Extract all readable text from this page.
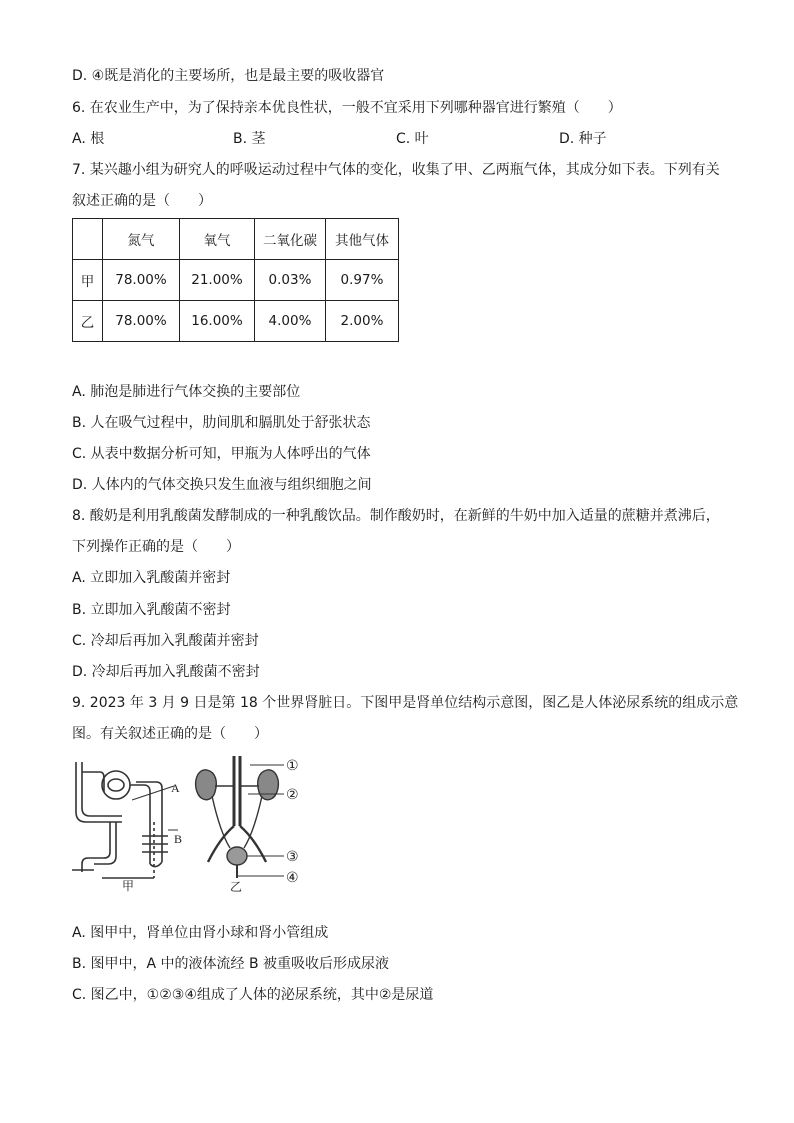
D. ④既是消化的主要场所，也是最主要的吸收器官
6. 在农业生产中，为了保持亲本优良性状，一般不宜采用下列哪种器官进行繁殖（　　）
A. 根	B. 茎	C. 叶	D. 种子
7. 某兴趣小组为研究人的呼吸运动过程中气体的变化，收集了甲、乙两瓶气体，其成分如下表。下列有关
叙述正确的是（　　）
	氮气	氧气	二氧化碳	其他气体
甲	78.00%	21.00%	0.03%	0.97%
乙	78.00%	16.00%	4.00%	2.00%
A. 肺泡是肺进行气体交换的主要部位
B. 人在吸气过程中，肋间肌和膈肌处于舒张状态
C. 从表中数据分析可知，甲瓶为人体呼出的气体
D. 人体内的气体交换只发生血液与组织细胞之间
8. 酸奶是利用乳酸菌发酵制成的一种乳酸饮品。制作酸奶时，在新鲜的牛奶中加入适量的蔗糖并煮沸后，
下列操作正确的是（　　）
A. 立即加入乳酸菌并密封
B. 立即加入乳酸菌不密封
C. 冷却后再加入乳酸菌并密封
D. 冷却后再加入乳酸菌不密封
9. 2023 年 3 月 9 日是第 18 个世界肾脏日。下图甲是肾单位结构示意图，图乙是人体泌尿系统的组成示意
图。有关叙述正确的是（　　）
A
B
甲
①
②
③
④
乙
A. 图甲中，肾单位由肾小球和肾小管组成
B. 图甲中，A 中的液体流经 B 被重吸收后形成尿液
C. 图乙中，①②③④组成了人体的泌尿系统，其中②是尿道
